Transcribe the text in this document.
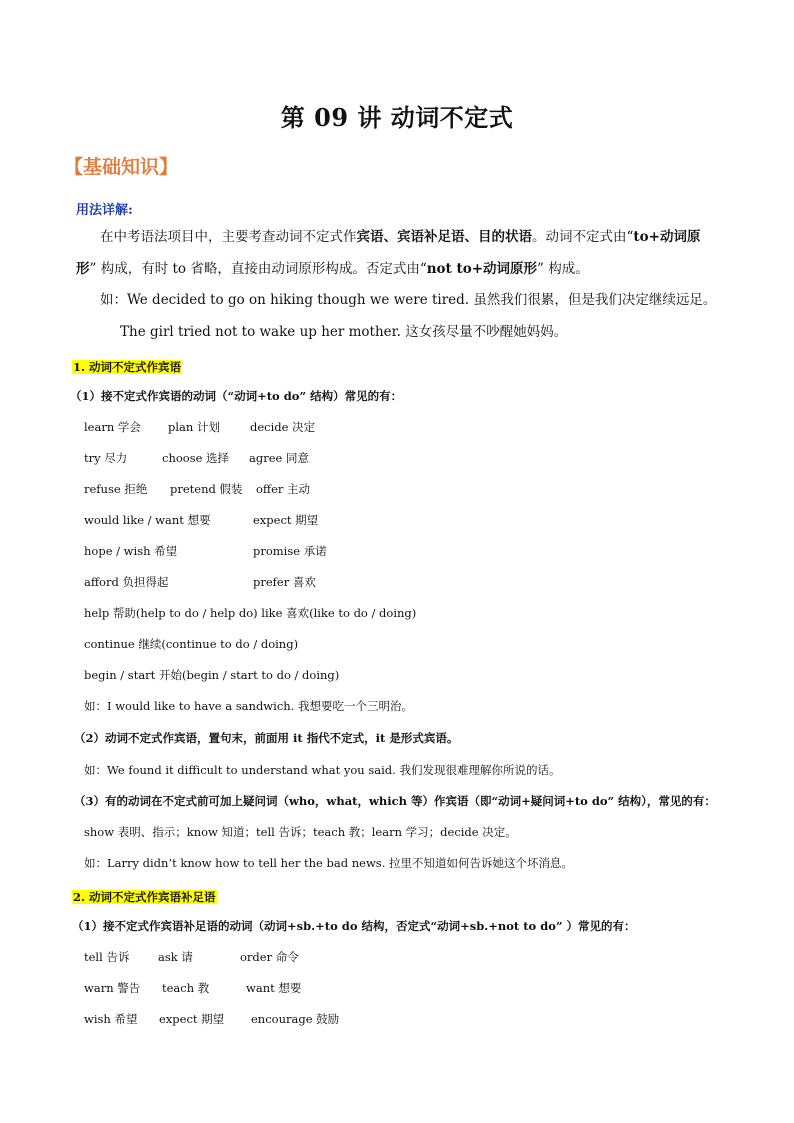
第 09 讲 动词不定式
【基础知识】
用法详解:
在中考语法项目中，主要考查动词不定式作宾语、宾语补足语、目的状语。动词不定式由“to+动词原
形” 构成，有时 to 省略，直接由动词原形构成。否定式由“not to+动词原形” 构成。
如：We decided to go on hiking though we were tired. 虽然我们很累，但是我们决定继续远足。
The girl tried not to wake up her mother. 这女孩尽量不吵醒她妈妈。
1. 动词不定式作宾语
（1）接不定式作宾语的动词（“动词+to do” 结构）常见的有：
learn 学会 plan 计划	decide 决定
try 尽力	choose 选择 agree 同意
refuse 拒绝 pretend 假装 offer 主动
would like / want 想要	expect 期望
hope / wish 希望	promise 承诺
afford 负担得起	prefer 喜欢
help 帮助(help to do / help do) like 喜欢(like to do / doing)
continue 继续(continue to do / doing)
begin / start 开始(begin / start to do / doing)
如：I would like to have a sandwich. 我想要吃一个三明治。
（2）动词不定式作宾语，置句末，前面用 it 指代不定式，it 是形式宾语。
如：We found it difficult to understand what you said. 我们发现很难理解你所说的话。
（3）有的动词在不定式前可加上疑问词（who，what，which 等）作宾语（即“动词+疑问词+to do” 结构），常见的有：
show 表明、指示；know 知道；tell 告诉；teach 教；learn 学习；decide 决定。
如：Larry didn’t know how to tell her the bad news. 拉里不知道如何告诉她这个坏消息。
2. 动词不定式作宾语补足语
（1）接不定式作宾语补足语的动词（动词+sb.+to do 结构，否定式“动词+sb.+not to do” ）常见的有：
tell 告诉 ask 请	order 命令
warn 警告 teach 教	want 想要
wish 希望 expect 期望 encourage 鼓励
